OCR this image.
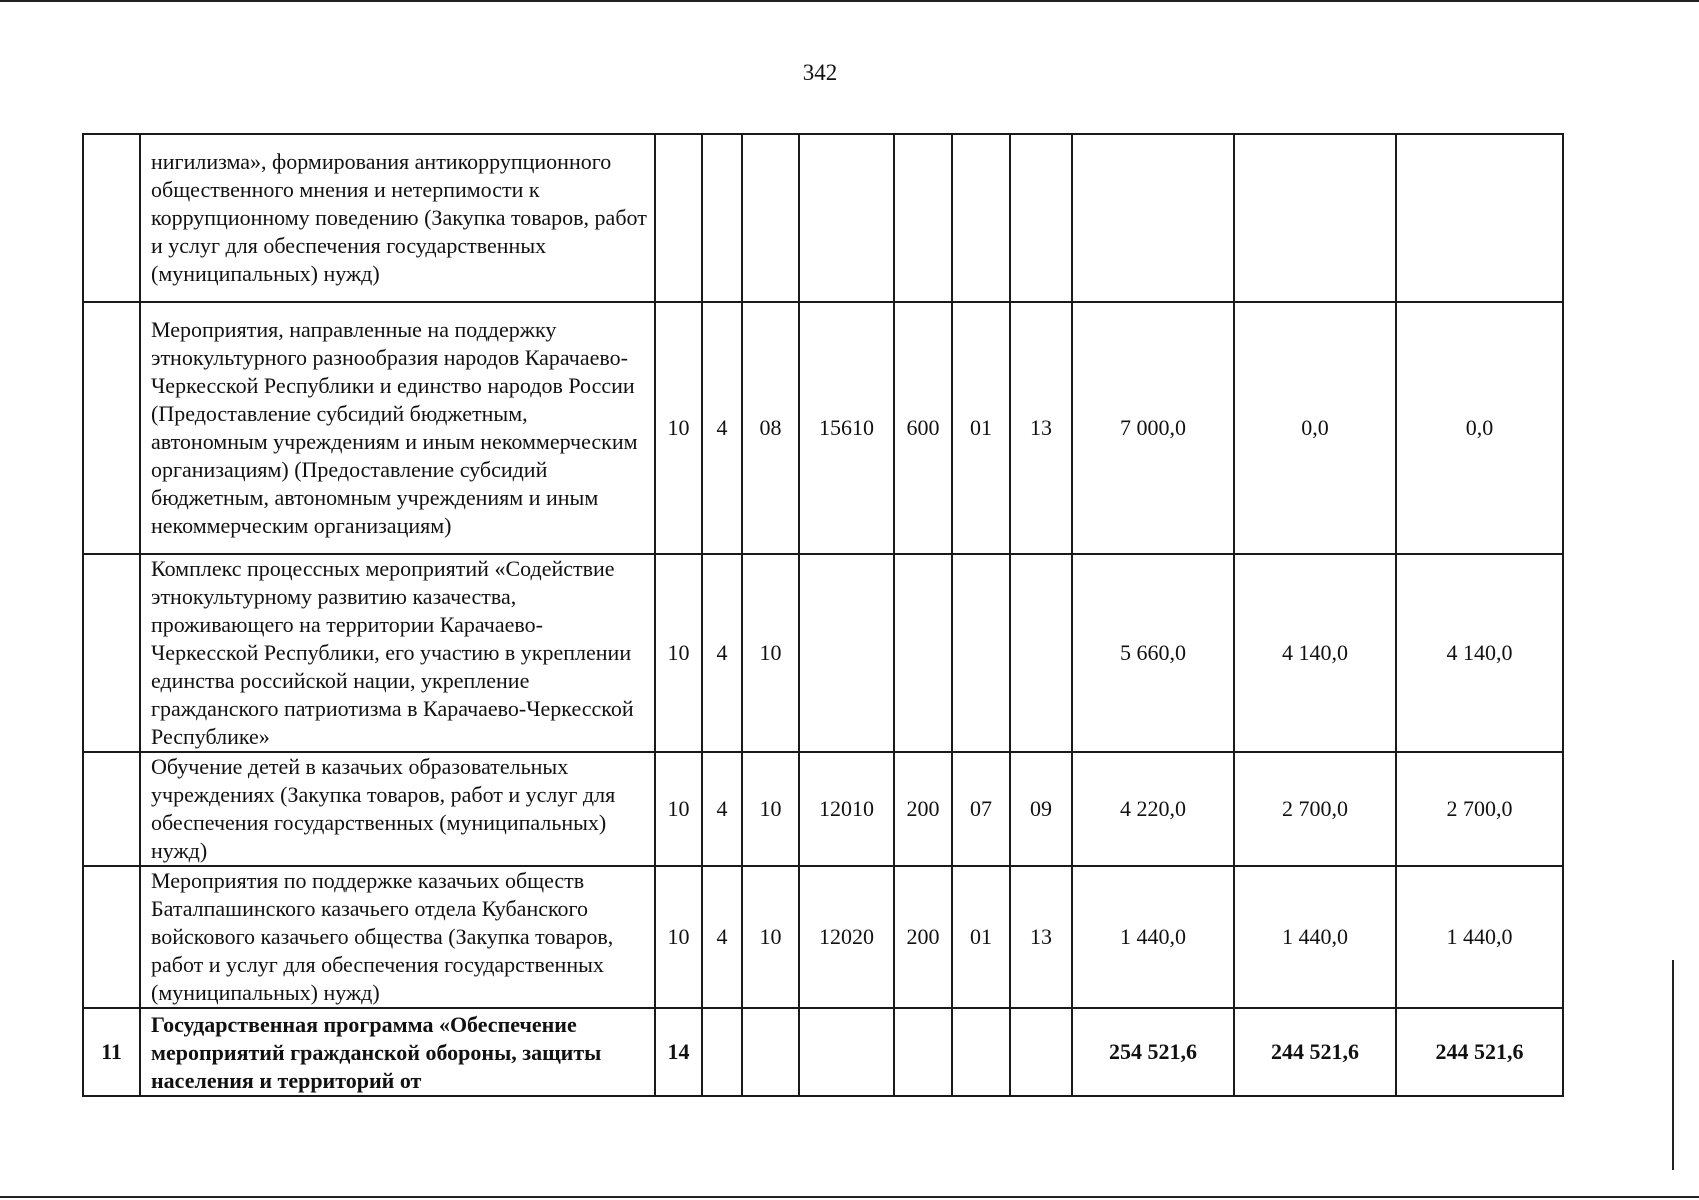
342
	нигилизма», формирования антикоррупционного общественного мнения и нетерпимости к коррупционному поведению (Закупка товаров, работ и услуг для обеспечения государственных (муниципальных) нужд)										
	Мероприятия, направленные на поддержку этнокультурного разнообразия народов Карачаево-Черкесской Республики и единство народов России (Предоставление субсидий бюджетным, автономным учреждениям и иным некоммерческим организациям) (Предоставление субсидий бюджетным, автономным учреждениям и иным некоммерческим организациям)	10	4	08	15610	600	01	13	7 000,0	0,0	0,0
	Комплекс процессных мероприятий «Содействие этнокультурному развитию казачества, проживающего на территории Карачаево-Черкесской Республики, его участию в укреплении единства российской нации, укрепление гражданского патриотизма в Карачаево-Черкесской Республике»	10	4	10					5 660,0	4 140,0	4 140,0
	Обучение детей в казачьих образовательных учреждениях (Закупка товаров, работ и услуг для обеспечения государственных (муниципальных) нужд)	10	4	10	12010	200	07	09	4 220,0	2 700,0	2 700,0
	Мероприятия по поддержке казачьих обществ Баталпашинского казачьего отдела Кубанского войскового казачьего общества (Закупка товаров, работ и услуг для обеспечения государственных (муниципальных) нужд)	10	4	10	12020	200	01	13	1 440,0	1 440,0	1 440,0
11	Государственная программа «Обеспечение мероприятий гражданской обороны, защиты населения и территорий от	14							254 521,6	244 521,6	244 521,6
